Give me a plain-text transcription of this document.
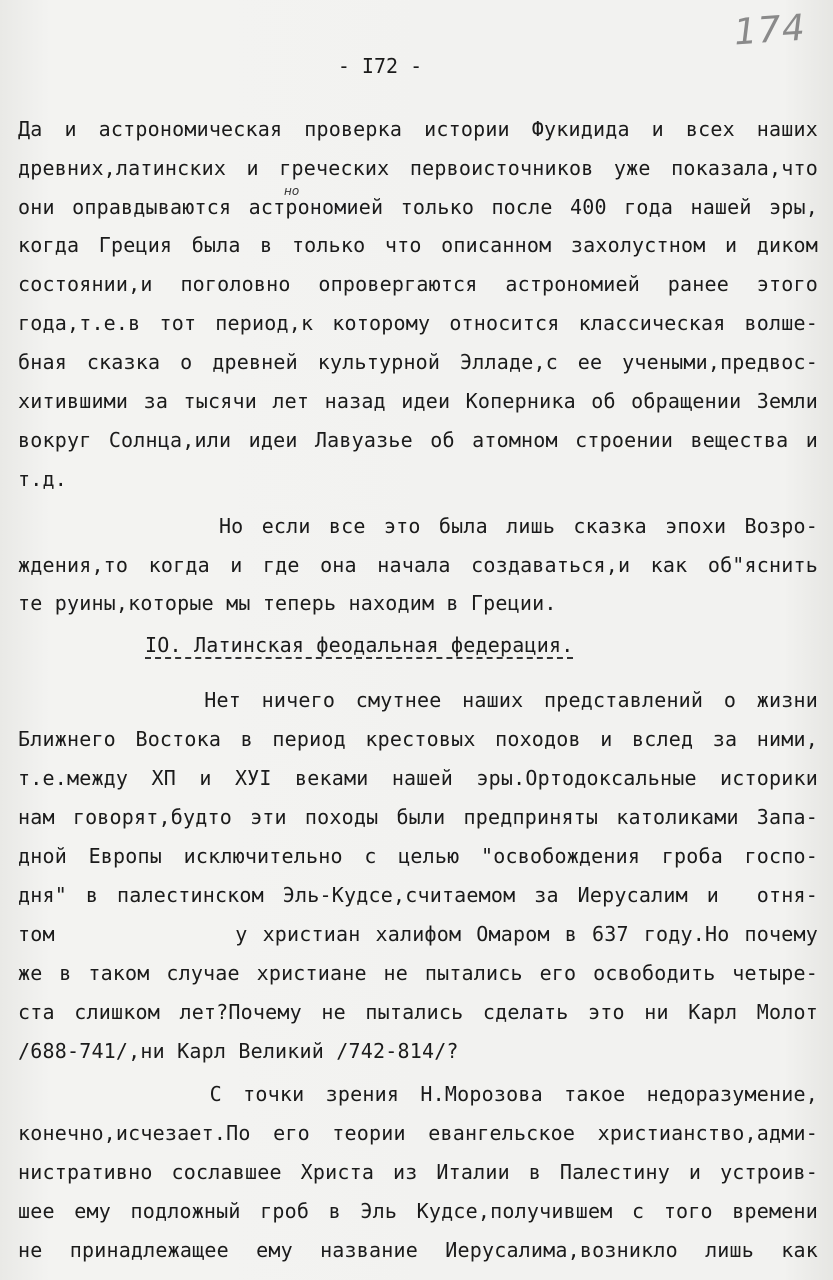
174
- I72 -
но
Да и астрономическая проверка истории Фукидида и всех наших
древних,латинских и греческих первоисточников уже показала,что
они оправдываются астрономией только после 400 года нашей эры,
когда Греция была в только что описанном захолустном и диком
состоянии,и поголовно опровергаются астрономией ранее этого
года,т.е.в тот период,к которому относится классическая волше-
бная сказка о древней культурной Элладе,с ее учеными,предвос-
хитившими за тысячи лет назад идеи Коперника об обращении Земли
вокруг Солнца,или идеи Лавуазье об атомном строении вещества и
т.д.
Но если все это была лишь сказка эпохи Возро-
ждения,то когда и где она начала создаваться,и как об"яснить
те руины,которые мы теперь находим в Греции.
IO. Латинская феодальная федерация.
Нет ничего смутнее наших представлений о жизни
Ближнего Востока в период крестовых походов и вслед за ними,
т.е.между ХП и ХУI веками нашей эры.Ортодоксальные историки
нам говорят,будто эти походы были предприняты католиками Запа-
дной Европы исключительно с целью "освобождения гроба госпо-
дня" в палестинском Эль-Кудсе,считаемом за Иерусалим и  отня-
том            у христиан халифом Омаром в 637 году.Но почему
же в таком случае христиане не пытались его освободить четыре-
ста слишком лет?Почему не пытались сделать это ни Карл Молот
/688-741/,ни Карл Великий /742-814/?
С точки зрения Н.Морозова такое недоразумение,
конечно,исчезает.По его теории евангельское христианство,адми-
нистративно сославшее Христа из Италии в Палестину и устроив-
шее ему подложный гроб в Эль Кудсе,получившем с того времени
не принадлежащее ему название Иерусалима,возникло лишь как
